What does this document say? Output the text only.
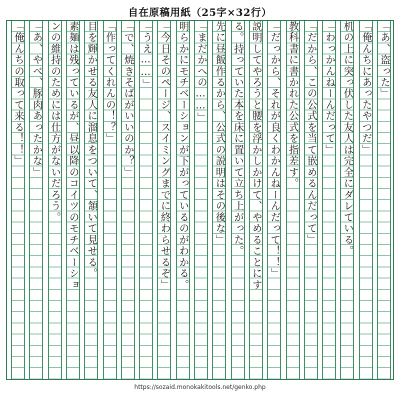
自在原稿用紙（25字×32行）
「あ、盗った」
「俺んちにあったやつだ」
机の上に突っ伏した友人は完全にダレている。
「わっかんねーんだって」
「だから、この公式を当て嵌めるんだって」
教科書に書かれた公式を指差す。
「だっから、それが良くわかんねーんだって！！」
説明してやろうと腰を浮かしかけて、やめることにす
る。持っていた本を床に置いて立ち上がった。
先に昼飯作るから、公式の説明はその後な」
「まだかへの……」
明らかにモチベーションが下がっているのがわかる。
「今日そのページ、スイミングまでに終わらせるぞ」
「うえ……」
「で、焼きそばがいいのか？」
「作ってくれんの！？」
目を輝かせる友人に溜息をついて、頷いて見せる。
素麺は残っているが、昼以降のコイツのモチベーショ
ンの維持のためには仕方がないだろう。
「あ、やべ、豚肉あったかな」
「俺んちの取って来る！！」
https://sozaid.monokakitools.net/genko.php
